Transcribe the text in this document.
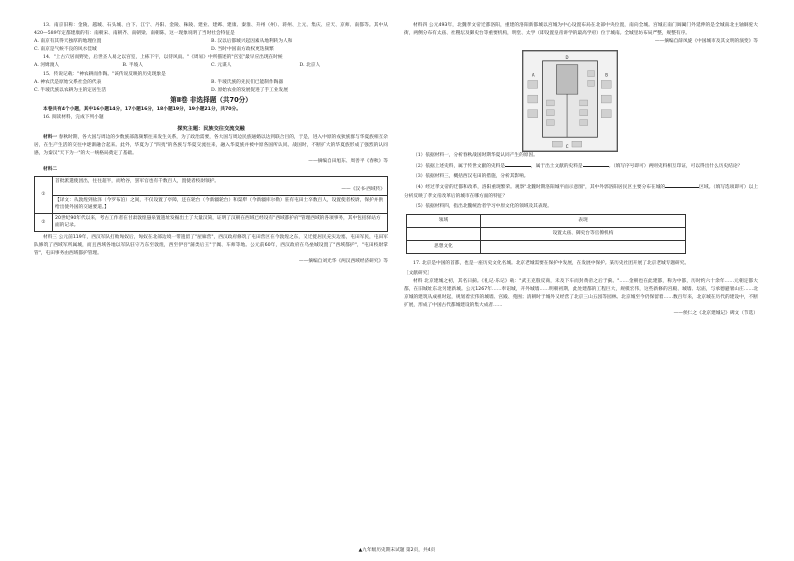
13．南京旧称：金陵、越城、石头城、白下、江宁、丹阳、金陵、秣陵、建业、建邺、建康、秦淮、升州（州）、蒋州、上元、集庆、应天、京师、南都等。其中从420—589年定都建康的有：南朝宋、南朝齐、南朝梁、南朝陈，这一现象说明了当时社会特征是
A. 南京有其得天独厚的地理位置	B. 汉以后都城兴起因素从地利转为人和
C. 南京是气候不良的风水佳城	D. 当时中国南方政权更迭频繁
14．"上古穴居而野处，后世圣人易之以宫室，上栋下宇，以待风雨。"《周易》中所描述的"宫室"最早应出现在时候
A. 河姆渡人	B. 半坡人	C. 元谋人	D. 北京人
15．传说记载："神农耕而作陶。"该传说反映的历史现象是
A. 神农氏是原始父系社会的代表	B. 半坡氏族的先民们已能制作陶器
C. 半坡氏族以农耕为主的定居生活	D. 原始农业的发展促进了手工业发展
第Ⅱ卷 非选择题（共70分）
本卷共有4个小题，其中16小题14分，17小题16分，18小题19分，19小题21分，共70分。
16. 阅读材料，完成下列小题
探究主题：民族交往交流交融
材料一 春秋时期，各大国与周边的少数族部落频繁往来发生关系，为了政治需要，各大国与周边民族通婚以达到联合目的，于是，进入中原的戎狄族群与华夏族相互杂居，在生产生活的交往中逐渐融合起来。此外，华夏为了"四夷"的各族与华夏交流往来，融入华夏族并被中原各国所认同。战国时，不断扩大的华夏族形成了强烈的认同感，为秦汉"天下为一"的大一统格局奠定了基础。
——摘编自田旭东、周善平《春秋》等
材料二
①	首批派遣使团出，往往超半，而给谷，罢军官也有千数百人，置使者校尉领护。
——《汉书·西域传》

	【译文：从敦煌到盐泽（今罗布泊）之间，不仅设置了亭障，还在轮台（今新疆轮台）和渠犁（今新疆库尔勒）驻有屯田士卒数百人，设置使者校尉，保护并供给出使外国的交通要道。】
②	20世纪90年代以来，考古工作者在甘肃敦煌悬泉置遗址发掘出土了大量汉简，证明了汉朝在西域已经设有"西域都护府"管理西域的各项事务，其中包括驿站方面的记录。
材料三 公元前119年，西汉军队打败匈奴后，匈奴在北部边境一带遗留了"屋廊营"，西汉政府修筑了屯田营区在今敦煌之东，又迁徙居民充实边塞，屯田军民，屯田军队修筑了西域军所属城，而且西域各地以军队驻守乃东至敦煌，西至伊吾"蒲类后王"于阗、车师等地。公元前60年，西汉政府在乌垒城设置了"西域都护"，"屯田校尉掌管"，屯田事务由西域都护管理。
——摘编自刘光华《两汉西域经济研究》等
材料四 公元493年，北魏孝文帝迁都洛阳，重建的洛阳新都城以宫城为中心设置布局在北部中央位置，南向全城。宫城正南门阊阖门外延伸的是全城南北主轴铜驼大街，两侧分布有太庙、社稷坛及御史台等重要机构，明堂、太学（即设置皇帝讲学的最高学府）位于城南。全城里坊布局严整，规整有序。
——摘编自薛凤旋《中国城市及其文明的演变》等
A	B
C
D
（1）依据材料一，分析春秋战国时期华夏认同产生的原因。
（2）依据上述史料，属于传世文献的史料是	，属于出土文献的史料是	。（填写序号即可）两则史料相互印证，可以得出什么历史结论？
（3）依据材料三，概括西汉屯田的措施，分析其影响。
（4）经过孝文帝的迁都和改革，洛阳重现繁荣。观察"北魏时期洛阳城平面示意图"，其中外郭洛阳居民区主要分布在城的	区域。（填写选项即可）以上分析反映了孝文帝改革后的城市在哪方面的特征？
（5）依据材料四，指出北魏统治者学习中原文化的领域及其表现。
领域	表现
	设置太庙、御史台等官僚机构
思想文化	
17. 北京是中国的首都，也是一座历史文化名城。北京老城需要在保护中发展，在发展中保护。某历史社团开展了北京老城专题研究。
［文献研究］
材料 北京建城之初，其名曰蓟。《礼记·乐记》载："武王克殷反商，未及下车而封黄帝之后于蓟。"……金朝也在此建都，称为中都，历时约六十余年……元朝定都大都，在旧城址东北另建新城。公元1267年……奉诏城，开外城墙……明朝初期，此处建都的工程巨大，规模宏伟，这些新修的宫殿、城墙、坛庙，与承德避暑山庄……北京城的建筑从成祖时起，规划着宏伟的城墙、宫殿、苑囿；清朝时于城外又经营了北京三山五园等园林。北京城至今仍保留着……数百年来，北京城在历代的建设中，不断扩展，形成了中国古代都城建设的集大成者……
——侯仁之《北京建城记》碑文（节选）
▲九年级历史期末试题 第2页，共4页
